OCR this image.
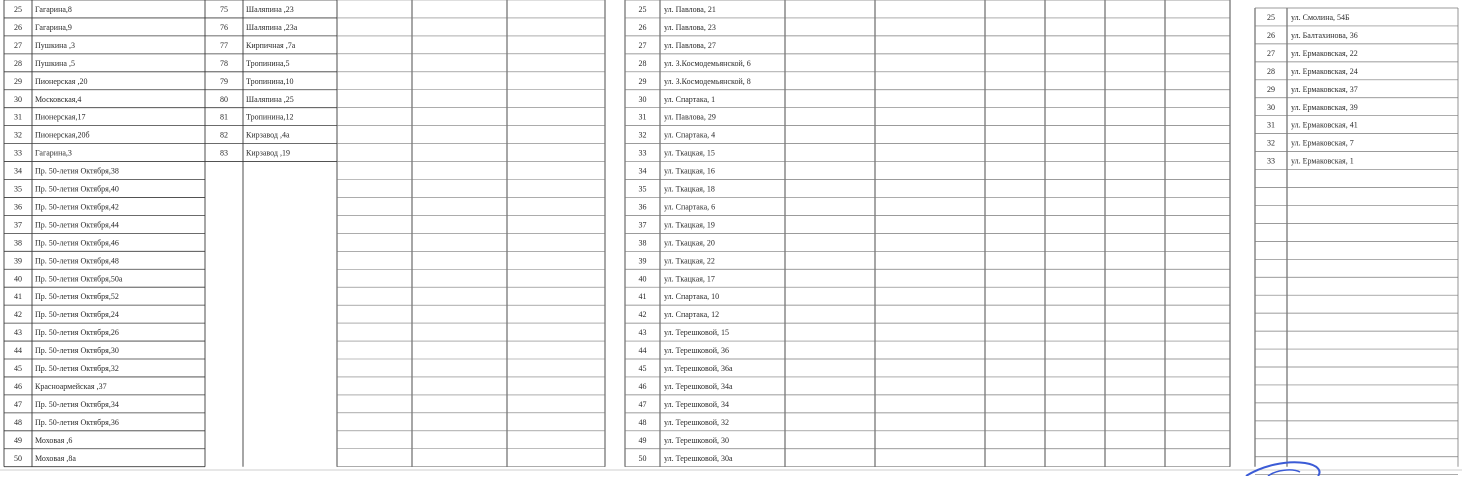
25 Гагарина,8
26 Гагарина,9
27 Пушкина ,3
28 Пушкина ,5
29 Пионерская ,20
30 Московская,4
31 Пионерская,17
32 Пионерская,20б
33 Гагарина,3
34 Пр. 50-летия Октября,38
35 Пр. 50-летия Октября,40
36 Пр. 50-летия Октября,42
37 Пр. 50-летия Октября,44
38 Пр. 50-летия Октября,46
39 Пр. 50-летия Октября,48
40 Пр. 50-летия Октября,50а
41 Пр. 50-летия Октября,52
42 Пр. 50-летия Октября,24
43 Пр. 50-летия Октября,26
44 Пр. 50-летия Октября,30
45 Пр. 50-летия Октября,32
46 Красноармейская ,37
47 Пр. 50-летия Октября,34
48 Пр. 50-летия Октября,36
49 Моховая ,6
50 Моховая ,8а
75 Шаляпина ,23
76 Шаляпина ,23а
77 Кирпичная ,7а
78 Тропинина,5
79 Тропинина,10
80 Шаляпина ,25
81 Тропинина,12
82 Кирзавод ,4а
83 Кирзавод ,19
25 ул. Павлова, 21
26 ул. Павлова, 23
27 ул. Павлова, 27
28 ул. З.Космодемьянской, 6
29 ул. З.Космодемьянской, 8
30 ул. Спартака, 1
31 ул. Павлова, 29
32 ул. Спартака, 4
33 ул. Ткацкая, 15
34 ул. Ткацкая, 16
35 ул. Ткацкая, 18
36 ул. Спартака, 6
37 ул. Ткацкая, 19
38 ул. Ткацкая, 20
39 ул. Ткацкая, 22
40 ул. Ткацкая, 17
41 ул. Спартака, 10
42 ул. Спартака, 12
43 ул. Терешковой, 15
44 ул. Терешковой, 36
45 ул. Терешковой, 36а
46 ул. Терешковой, 34а
47 ул. Терешковой, 34
48 ул. Терешковой, 32
49 ул. Терешковой, 30
50 ул. Терешковой, 30а
25 ул. Смолина, 54Б
26 ул. Балтахинова, 36
27 ул. Ермаковская, 22
28 ул. Ермаковская, 24
29 ул. Ермаковская, 37
30 ул. Ермаковская, 39
31 ул. Ермаковская, 41
32 ул. Ермаковская, 7
33 ул. Ермаковская, 1
